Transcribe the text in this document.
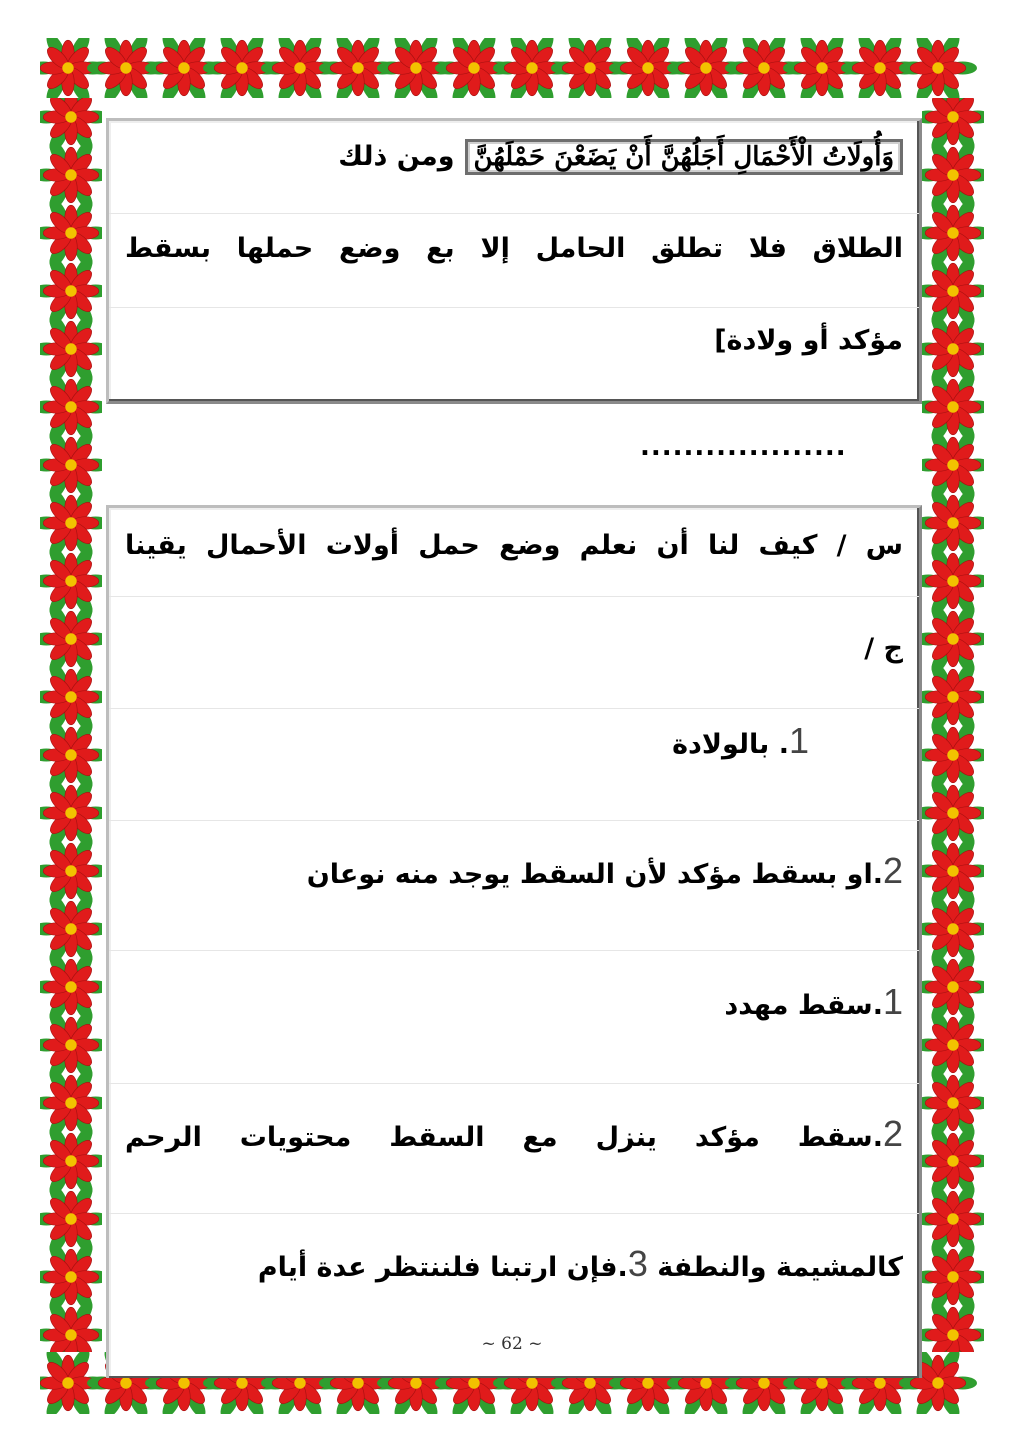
وَأُولَاتُ الْأَحْمَالِ أَجَلُهُنَّ أَنْ يَضَعْنَ حَمْلَهُنَّومن ذلك
الطلاق فلا تطلق الحامل إلا بع وضع حملها بسقط
مؤكد أو ولادة]
...................
س / كيف لنا أن نعلم وضع حمل أولات الأحمال يقينا
ج /
1. بالولادة
2.او بسقط مؤكد لأن السقط يوجد منه نوعان
1.سقط مهدد
2.سقط مؤكد ينزل مع السقط محتويات الرحم
كالمشيمة والنطفة 3.فإن ارتبنا فلننتظر عدة أيام
~ 62 ~
